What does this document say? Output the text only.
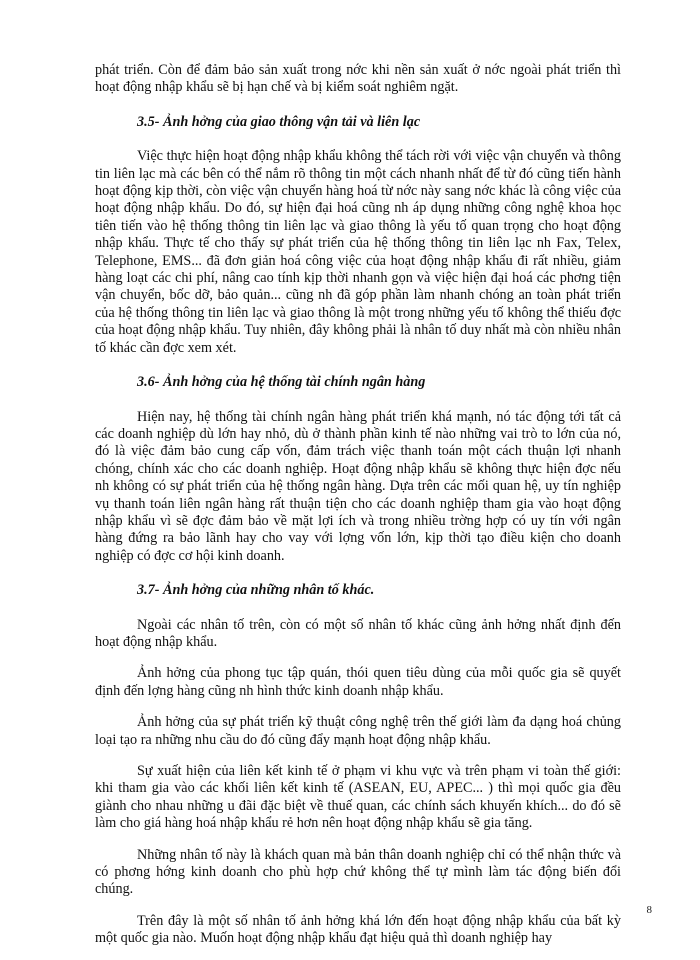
phát triển. Còn để đảm bảo sản xuất trong nớc khi nền sản xuất ở nớc ngoài phát triển thì hoạt động nhập khẩu sẽ bị hạn chế và bị kiểm soát nghiêm ngặt.

3.5- Ảnh hởng của giao thông vận tải và liên lạc

Việc thực hiện hoạt động nhập khẩu không thể tách rời với việc vận chuyển và thông tin liên lạc mà các bên có thể nắm rõ thông tin một cách nhanh nhất để từ đó cũng tiến hành hoạt động kịp thời, còn việc vận chuyển hàng hoá từ nớc này sang nớc khác là công việc của hoạt động nhập khẩu. Do đó, sự hiện đại hoá cũng nh áp dụng những công nghệ khoa học tiên tiến vào hệ thống thông tin liên lạc và giao thông là yếu tố quan trọng cho hoạt động nhập khẩu. Thực tế cho thấy sự phát triển của hệ thống thông tin liên lạc nh Fax, Telex, Telephone, EMS... đã đơn giản hoá công việc của hoạt động nhập khẩu đi rất nhiều, giảm hàng loạt các chi phí, nâng cao tính kịp thời nhanh gọn và việc hiện đại hoá các phơng tiện vận chuyển, bốc dỡ, bảo quản... cũng nh đã góp phần làm nhanh chóng an toàn phát triển của hệ thống thông tin liên lạc và giao thông là một trong những yếu tố không thể thiếu đợc của hoạt động nhập khẩu. Tuy nhiên, đây không phải là nhân tố duy nhất mà còn nhiều nhân tố khác cần đợc xem xét.

3.6- Ảnh hởng của hệ thống tài chính ngân hàng

Hiện nay, hệ thống tài chính ngân hàng phát triển khá mạnh, nó tác động tới tất cả các doanh nghiệp dù lớn hay nhỏ, dù ở thành phần kinh tế nào những vai trò to lớn của nó, đó là việc đảm bảo cung cấp vốn, đảm trách việc thanh toán một cách thuận lợi nhanh chóng, chính xác cho các doanh nghiệp. Hoạt động nhập khẩu sẽ không thực hiện đợc nếu nh không có sự phát triển của hệ thống ngân hàng. Dựa trên các mối quan hệ, uy tín nghiệp vụ thanh toán liên ngân hàng rất thuận tiện cho các doanh nghiệp tham gia vào hoạt động nhập khẩu vì sẽ đợc đảm bảo về mặt lợi ích và trong nhiều trờng hợp có uy tín với ngân hàng đứng ra bảo lãnh hay cho vay với lợng vốn lớn, kịp thời tạo điều kiện cho doanh nghiệp có đợc cơ hội kinh doanh.

3.7- Ảnh hởng của những nhân tố khác.

Ngoài các nhân tố trên, còn có một số nhân tố khác cũng ảnh hởng nhất định đến hoạt động nhập khẩu.

Ảnh hởng của phong tục tập quán, thói quen tiêu dùng của mỗi quốc gia sẽ quyết định đến lợng hàng cũng nh hình thức kinh doanh nhập khẩu.

Ảnh hởng của sự phát triển kỹ thuật công nghệ trên thế giới làm đa dạng hoá chủng loại tạo ra những nhu cầu do đó cũng đẩy mạnh hoạt động nhập khẩu.

Sự xuất hiện của liên kết kinh tế ở phạm vi khu vực và trên phạm vi toàn thế giới: khi tham gia vào các khối liên kết kinh tế (ASEAN, EU, APEC... ) thì mọi quốc gia đều giành cho nhau những u đãi đặc biệt về thuế quan, các chính sách khuyến khích... do đó sẽ làm cho giá hàng hoá nhập khẩu rẻ hơn nên hoạt động nhập khẩu sẽ gia tăng.

Những nhân tố này là khách quan mà bản thân doanh nghiệp chỉ có thể nhận thức và có phơng hớng kinh doanh cho phù hợp chứ không thể tự mình làm tác động biến đổi chúng.

Trên đây là một số nhân tố ảnh hởng khá lớn đến hoạt động nhập khẩu của bất kỳ một quốc gia nào. Muốn hoạt động nhập khẩu đạt hiệu quả thì doanh nghiệp hay

8
